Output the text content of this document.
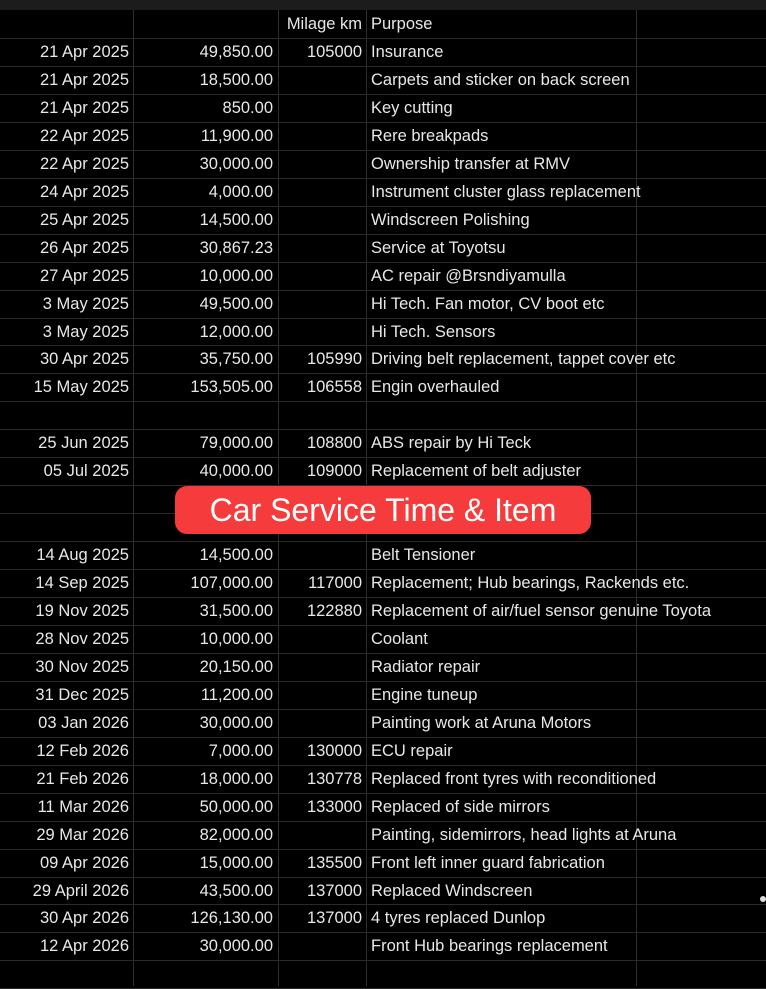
Milage km Purpose
21 Apr 2025	49,850.00	105000 Insurance
21 Apr 2025	18,500.00	Carpets and sticker on back screen
21 Apr 2025	850.00	Key cutting
22 Apr 2025	11,900.00	Rere breakpads
22 Apr 2025	30,000.00	Ownership transfer at RMV
24 Apr 2025	4,000.00	Instrument cluster glass replacement
25 Apr 2025	14,500.00	Windscreen Polishing
26 Apr 2025	30,867.23	Service at Toyotsu
27 Apr 2025	10,000.00	AC repair @Brsndiyamulla
3 May 2025	49,500.00	Hi Tech. Fan motor, CV boot etc
3 May 2025	12,000.00	Hi Tech. Sensors
30 Apr 2025	35,750.00	105990 Driving belt replacement, tappet cover etc
15 May 2025	153,505.00	106558 Engin overhauled
25 Jun 2025	79,000.00	108800 ABS repair by Hi Teck
05 Jul 2025	40,000.00	109000 Replacement of belt adjuster
14 Aug 2025	14,500.00	Belt Tensioner
14 Sep 2025	107,000.00	117000 Replacement; Hub bearings, Rackends etc.
19 Nov 2025	31,500.00	122880 Replacement of air/fuel sensor genuine Toyota
28 Nov 2025	10,000.00	Coolant
30 Nov 2025	20,150.00	Radiator repair
31 Dec 2025	11,200.00	Engine tuneup
03 Jan 2026	30,000.00	Painting work at Aruna Motors
12 Feb 2026	7,000.00	130000 ECU repair
21 Feb 2026	18,000.00	130778 Replaced front tyres with reconditioned
11 Mar 2026	50,000.00	133000 Replaced of side mirrors
29 Mar 2026	82,000.00	Painting, sidemirrors, head lights at Aruna
09 Apr 2026	15,000.00	135500 Front left inner guard fabrication
29 April 2026	43,500.00	137000 Replaced Windscreen
30 Apr 2026	126,130.00	137000 4 tyres replaced Dunlop
12 Apr 2026	30,000.00	Front Hub bearings replacement
Car Service Time & Item
